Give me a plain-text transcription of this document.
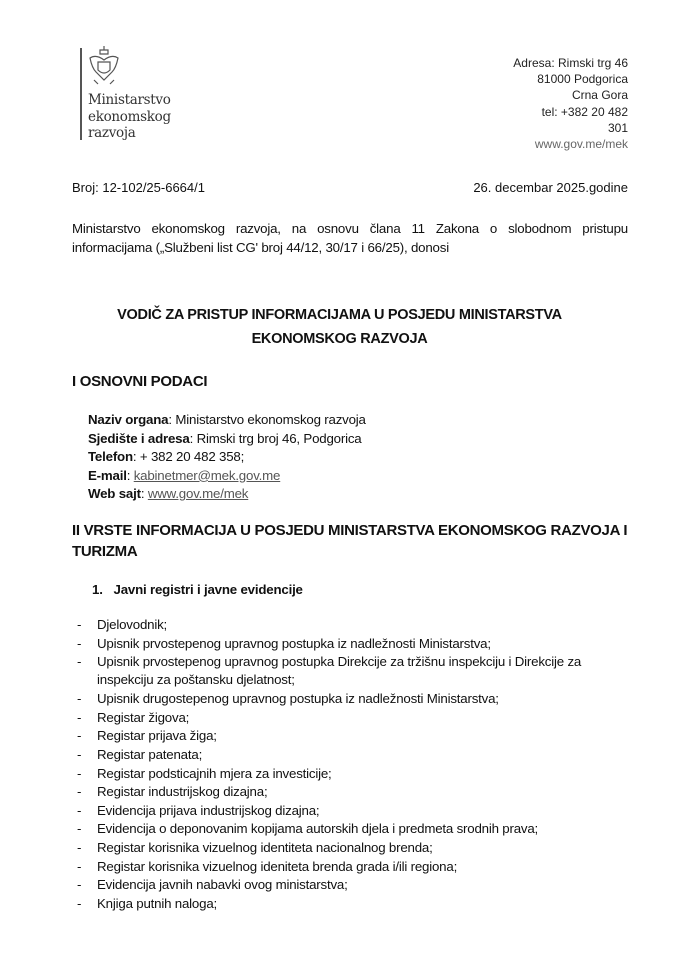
Ministarstvo
ekonomskog
razvoja
Adresa: Rimski trg 46
81000 Podgorica
Crna Gora
tel: +382 20 482
301
www.gov.me/mek
Broj: 12-102/25-6664/1	26. decembar 2025.godine
Ministarstvo ekonomskog razvoja, na osnovu člana 11 Zakona o slobodnom pristupu informacijama („Službeni list CG' broj 44/12, 30/17 i 66/25), donosi
VODIČ ZA PRISTUP INFORMACIJAMA U POSJEDU MINISTARSTVA
EKONOMSKOG RAZVOJA
I OSNOVNI PODACI
Naziv organa: Ministarstvo ekonomskog razvoja
Sjedište i adresa: Rimski trg broj 46, Podgorica
Telefon: + 382 20 482 358;
E-mail: kabinetmer@mek.gov.me
Web sajt: www.gov.me/mek
II VRSTE INFORMACIJA U POSJEDU MINISTARSTVA EKONOMSKOG RAZVOJA I
TURIZMA
1. Javni registri i javne evidencije
- Djelovodnik;
- Upisnik prvostepenog upravnog postupka iz nadležnosti Ministarstva;
- Upisnik prvostepenog upravnog postupka Direkcije za tržišnu inspekciju i Direkcije za inspekciju za poštansku djelatnost;
- Upisnik drugostepenog upravnog postupka iz nadležnosti Ministarstva;
- Registar žigova;
- Registar prijava žiga;
- Registar patenata;
- Registar podsticajnih mjera za investicije;
- Registar industrijskog dizajna;
- Evidencija prijava industrijskog dizajna;
- Evidencija o deponovanim kopijama autorskih djela i predmeta srodnih prava;
- Registar korisnika vizuelnog identiteta nacionalnog brenda;
- Registar korisnika vizuelnog ideniteta brenda grada i/ili regiona;
- Evidencija javnih nabavki ovog ministarstva;
- Knjiga putnih naloga;
